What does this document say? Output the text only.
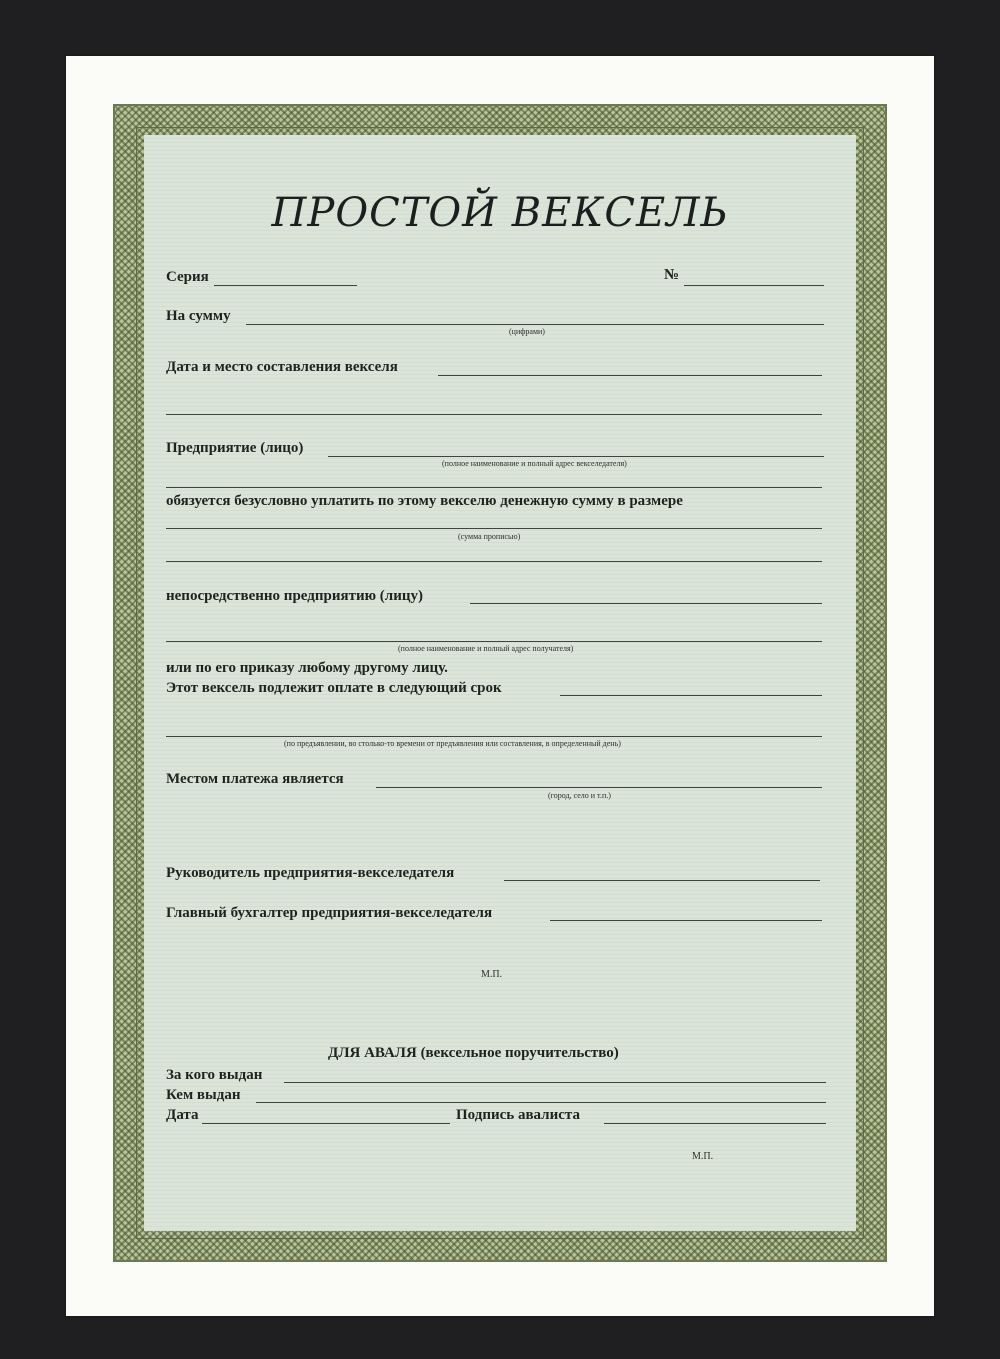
ПРОСТОЙ ВЕКСЕЛЬ
Серия	№
На сумму
(цифрами)
Дата и место составления векселя
Предприятие (лицо)
(полное наименование и полный адрес векселедателя)
обязуется безусловно уплатить по этому векселю денежную сумму в размере
(сумма прописью)
непосредственно предприятию (лицу)
(полное наименование и полный адрес получателя)
или по его приказу любому другому лицу.
Этот вексель подлежит оплате в следующий срок
(по предъявлении, во столько-то времени от предъявления или составления, в определенный день)
Местом платежа является
(город, село и т.п.)
Руководитель предприятия-векселедателя
Главный бухгалтер предприятия-векселедателя
М.П.
ДЛЯ АВАЛЯ (вексельное поручительство)
За кого выдан
Кем выдан
Дата	Подпись авалиста
М.П.
